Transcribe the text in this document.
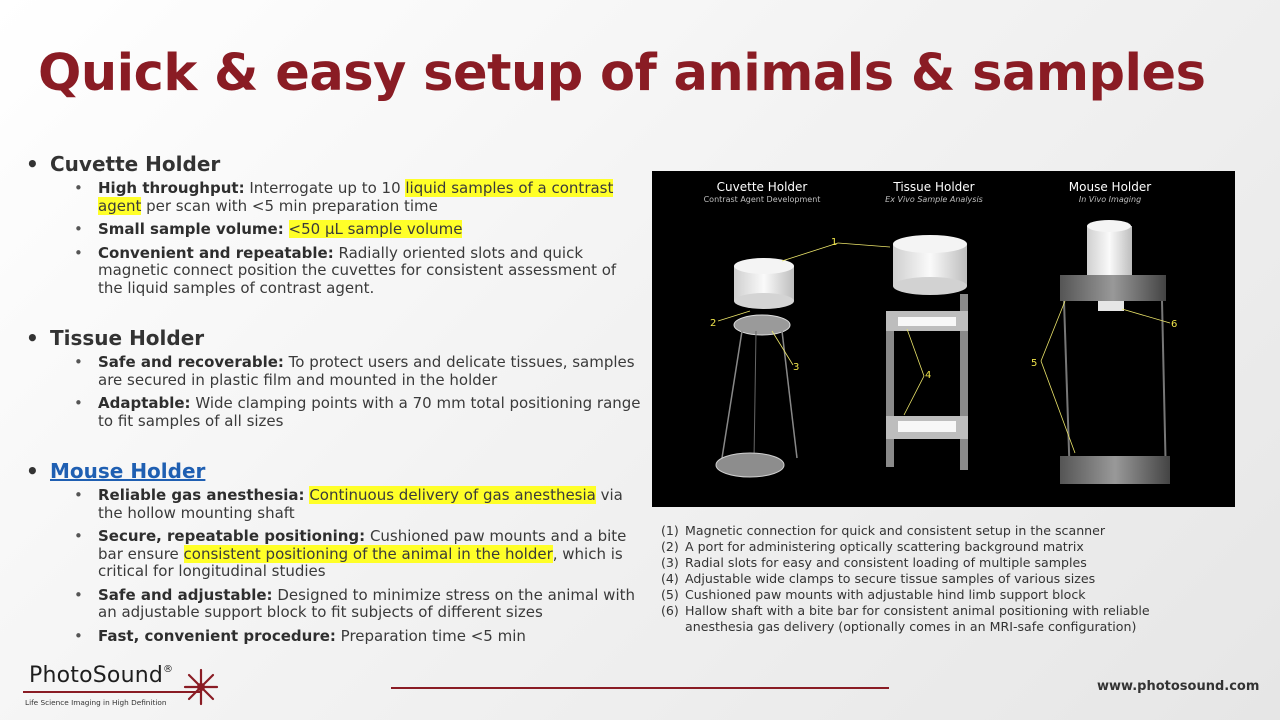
Quick & easy setup of animals & samples
• Cuvette Holder
• High throughput: Interrogate up to 10 liquid samples of a contrast agent per scan with <5 min preparation time
• Small sample volume: <50 µL sample volume
• Convenient and repeatable: Radially oriented slots and quick magnetic connect position the cuvettes for consistent assessment of the liquid samples of contrast agent.
• Tissue Holder
• Safe and recoverable: To protect users and delicate tissues, samples are secured in plastic film and mounted in the holder
• Adaptable: Wide clamping points with a 70 mm total positioning range to fit samples of all sizes
• Mouse Holder
• Reliable gas anesthesia: Continuous delivery of gas anesthesia via the hollow mounting shaft
• Secure, repeatable positioning: Cushioned paw mounts and a bite bar ensure consistent positioning of the animal in the holder, which is critical for longitudinal studies
• Safe and adjustable: Designed to minimize stress on the animal with an adjustable support block to fit subjects of different sizes
• Fast, convenient procedure: Preparation time <5 min
Cuvette Holder
Contrast Agent Development
Tissue Holder
Ex Vivo Sample Analysis
Mouse Holder
In Vivo Imaging
1
2
3
4
5
6
(1) Magnetic connection for quick and consistent setup in the scanner
(2) A port for administering optically scattering background matrix
(3) Radial slots for easy and consistent loading of multiple samples
(4) Adjustable wide clamps to secure tissue samples of various sizes
(5) Cushioned paw mounts with adjustable hind limb support block
(6) Hallow shaft with a bite bar for consistent animal positioning with reliable anesthesia gas delivery (optionally comes in an MRI-safe configuration)
PhotoSound®
Life Science Imaging in High Definition
www.photosound.com
